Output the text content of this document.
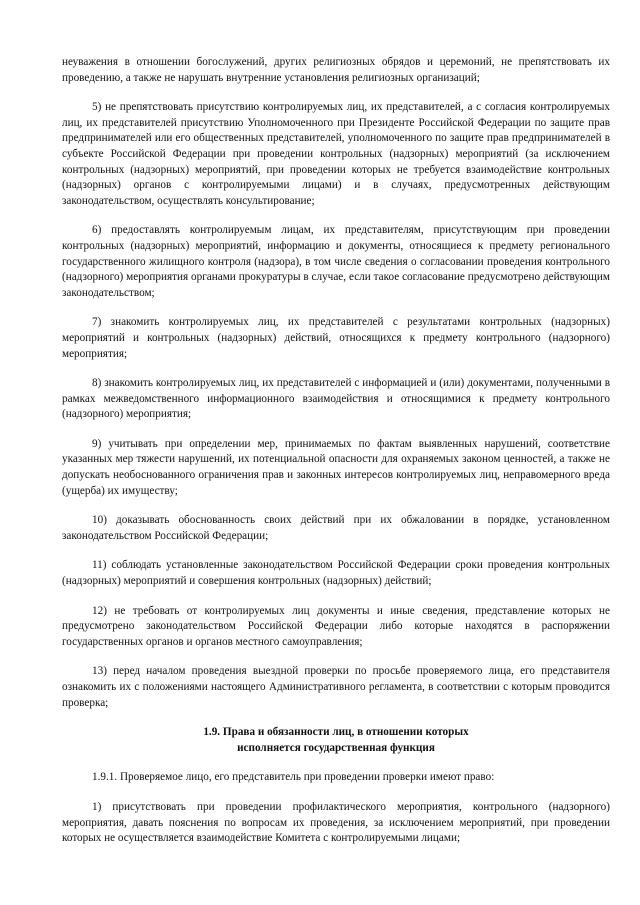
неуважения в отношении богослужений, других религиозных обрядов и церемоний, не препятствовать их проведению, а также не нарушать внутренние установления религиозных организаций;

5) не препятствовать присутствию контролируемых лиц, их представителей, а с согласия контролируемых лиц, их представителей присутствию Уполномоченного при Президенте Российской Федерации по защите прав предпринимателей или его общественных представителей, уполномоченного по защите прав предпринимателей в субъекте Российской Федерации при проведении контрольных (надзорных) мероприятий (за исключением контрольных (надзорных) мероприятий, при проведении которых не требуется взаимодействие контрольных (надзорных) органов с контролируемыми лицами) и в случаях, предусмотренных действующим законодательством, осуществлять консультирование;

6) предоставлять контролируемым лицам, их представителям, присутствующим при проведении контрольных (надзорных) мероприятий, информацию и документы, относящиеся к предмету регионального государственного жилищного контроля (надзора), в том числе сведения о согласовании проведения контрольного (надзорного) мероприятия органами прокуратуры в случае, если такое согласование предусмотрено действующим законодательством;

7) знакомить контролируемых лиц, их представителей с результатами контрольных (надзорных) мероприятий и контрольных (надзорных) действий, относящихся к предмету контрольного (надзорного) мероприятия;

8) знакомить контролируемых лиц, их представителей с информацией и (или) документами, полученными в рамках межведомственного информационного взаимодействия и относящимися к предмету контрольного (надзорного) мероприятия;

9) учитывать при определении мер, принимаемых по фактам выявленных нарушений, соответствие указанных мер тяжести нарушений, их потенциальной опасности для охраняемых законом ценностей, а также не допускать необоснованного ограничения прав и законных интересов контролируемых лиц, неправомерного вреда (ущерба) их имуществу;

10) доказывать обоснованность своих действий при их обжаловании в порядке, установленном законодательством Российской Федерации;

11) соблюдать установленные законодательством Российской Федерации сроки проведения контрольных (надзорных) мероприятий и совершения контрольных (надзорных) действий;

12) не требовать от контролируемых лиц документы и иные сведения, представление которых не предусмотрено законодательством Российской Федерации либо которые находятся в распоряжении государственных органов и органов местного самоуправления;

13) перед началом проведения выездной проверки по просьбе проверяемого лица, его представителя ознакомить их с положениями настоящего Административного регламента, в соответствии с которым проводится проверка;

1.9. Права и обязанности лиц, в отношении которых
исполняется государственная функция

1.9.1. Проверяемое лицо, его представитель при проведении проверки имеют право:

1) присутствовать при проведении профилактического мероприятия, контрольного (надзорного) мероприятия, давать пояснения по вопросам их проведения, за исключением мероприятий, при проведении которых не осуществляется взаимодействие Комитета с контролируемыми лицами;
